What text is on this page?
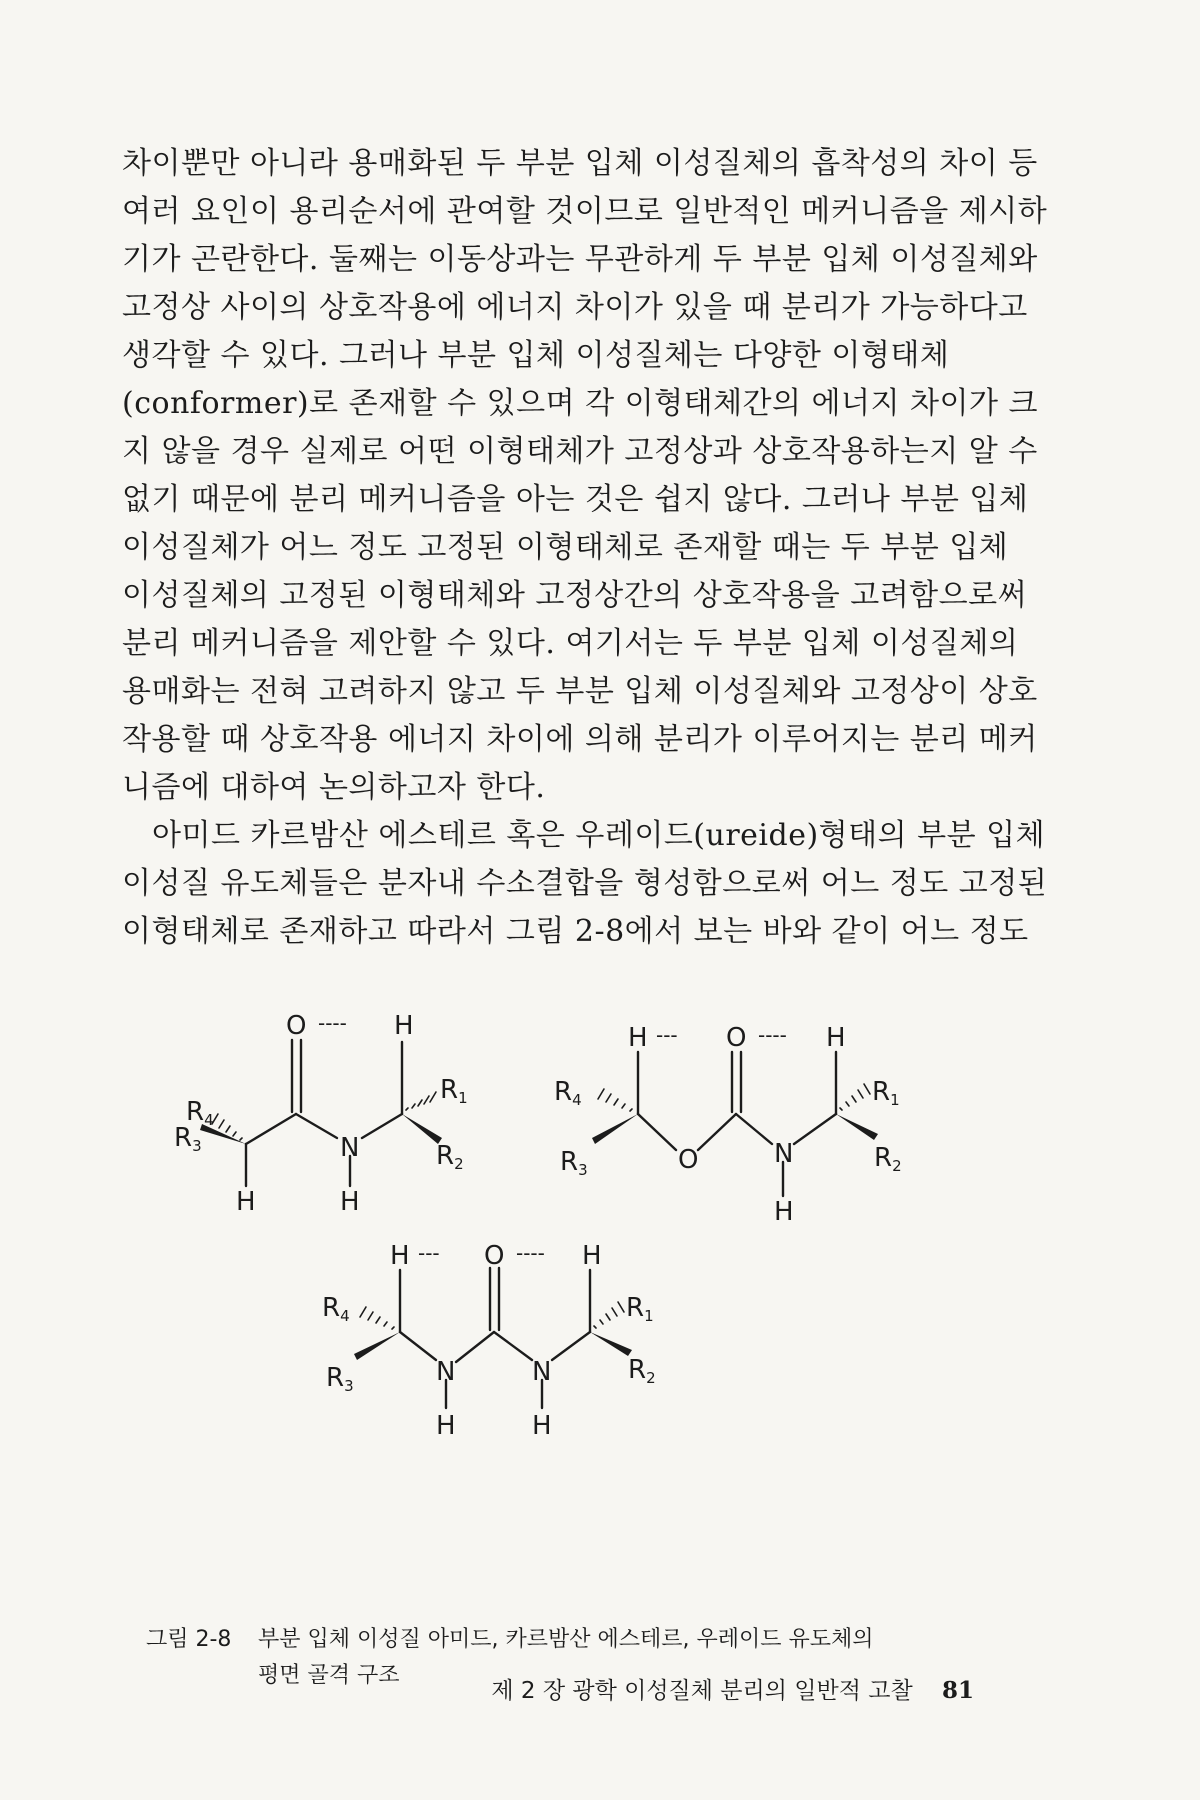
차이뿐만 아니라 용매화된 두 부분 입체 이성질체의 흡착성의 차이 등
여러 요인이 용리순서에 관여할 것이므로 일반적인 메커니즘을 제시하
기가 곤란한다. 둘째는 이동상과는 무관하게 두 부분 입체 이성질체와
고정상 사이의 상호작용에 에너지 차이가 있을 때 분리가 가능하다고
생각할 수 있다. 그러나 부분 입체 이성질체는 다양한 이형태체
(conformer)로 존재할 수 있으며 각 이형태체간의 에너지 차이가 크
지 않을 경우 실제로 어떤 이형태체가 고정상과 상호작용하는지 알 수
없기 때문에 분리 메커니즘을 아는 것은 쉽지 않다. 그러나 부분 입체
이성질체가 어느 정도 고정된 이형태체로 존재할 때는 두 부분 입체
이성질체의 고정된 이형태체와 고정상간의 상호작용을 고려함으로써
분리 메커니즘을 제안할 수 있다. 여기서는 두 부분 입체 이성질체의
용매화는 전혀 고려하지 않고 두 부분 입체 이성질체와 고정상이 상호
작용할 때 상호작용 에너지 차이에 의해 분리가 이루어지는 분리 메커
니즘에 대하여 논의하고자 한다.
아미드 카르밤산 에스테르 혹은 우레이드(ureide)형태의 부분 입체
이성질 유도체들은 분자내 수소결합을 형성함으로써 어느 정도 고정된
이형태체로 존재하고 따라서 그림 2-8에서 보는 바와 같이 어느 정도
O ---- H
N
H
H
R4
R3
R1
R2
H --- O ---- H
O	N
H
R4
R3
R1
R2
H --- O ---- H
N	N
H	H
R4
R3
R1
R2
그림 2-8 부분 입체 이성질 아미드, 카르밤산 에스테르, 우레이드 유도체의
평면 골격 구조
제 2 장 광학 이성질체 분리의 일반적 고찰 81
